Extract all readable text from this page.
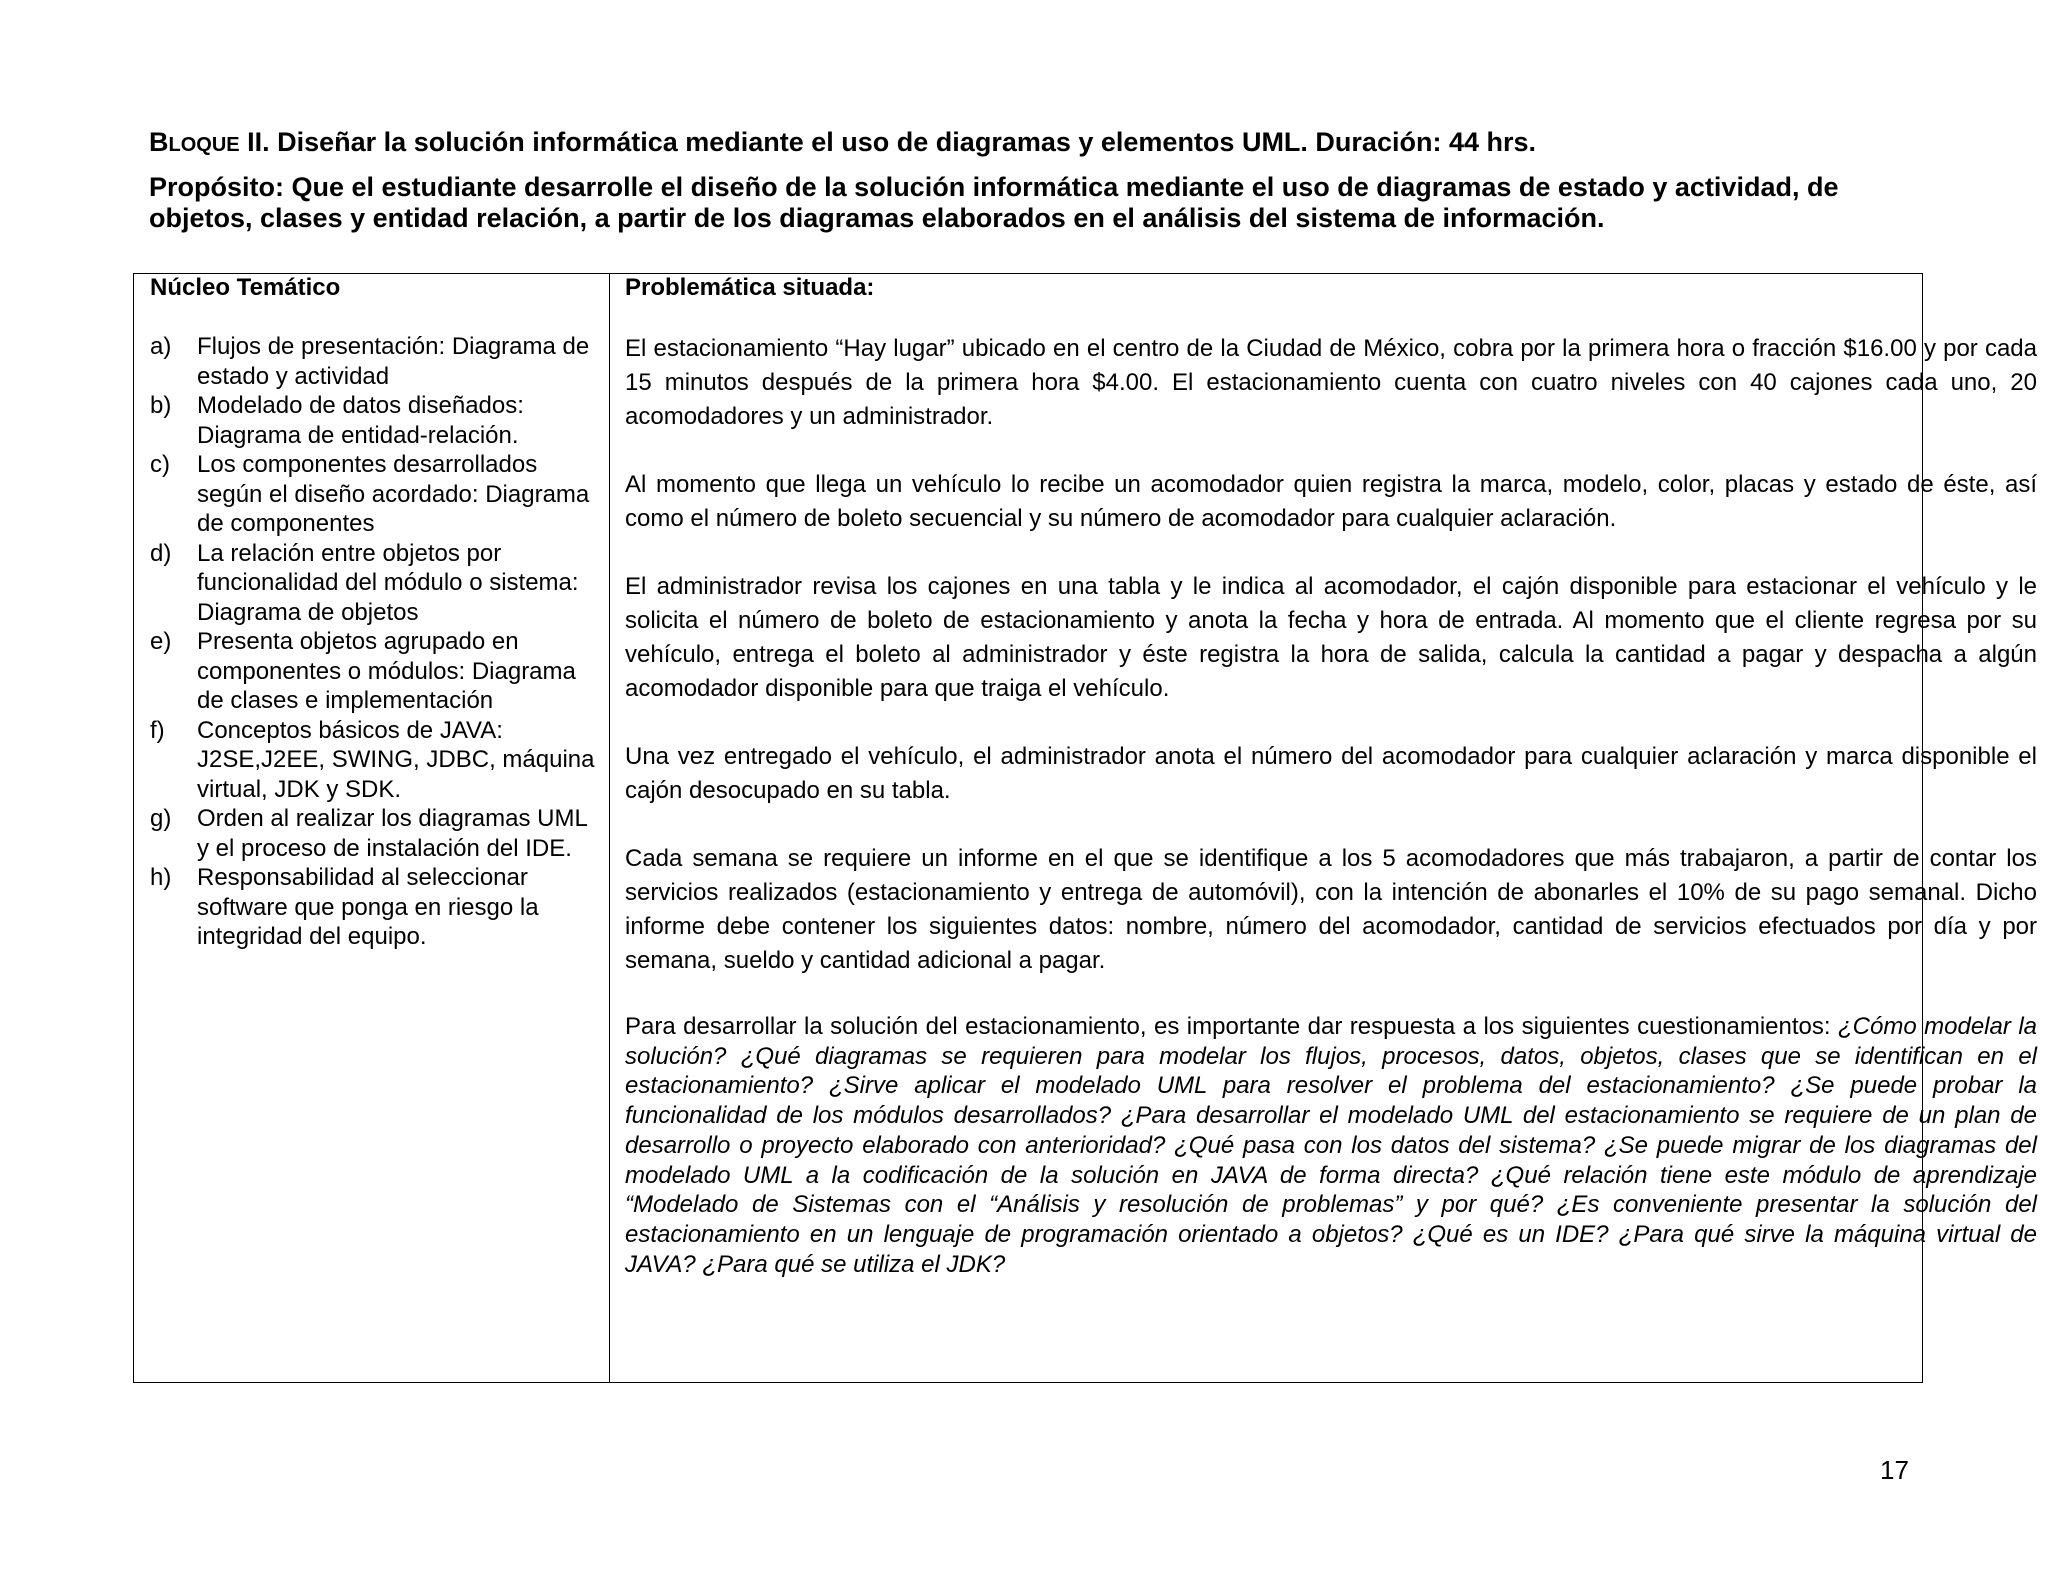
BLOQUE II. Diseñar la solución informática mediante el uso de diagramas y elementos UML. Duración: 44 hrs.
Propósito: Que el estudiante desarrolle el diseño de la solución informática mediante el uso de diagramas de estado y actividad, de objetos, clases y entidad relación, a partir de los diagramas elaborados en el análisis del sistema de información.
Núcleo Temático
a) Flujos de presentación: Diagrama de estado y actividad
b) Modelado de datos diseñados: Diagrama de entidad-relación.
c) Los componentes desarrollados según el diseño acordado: Diagrama de componentes
d) La relación entre objetos por funcionalidad del módulo o sistema: Diagrama de objetos
e) Presenta objetos agrupado en componentes o módulos: Diagrama de clases e implementación
f) Conceptos básicos de JAVA: J2SE,J2EE, SWING, JDBC, máquina virtual, JDK y SDK.
g) Orden al realizar los diagramas UML y el proceso de instalación del IDE.
h) Responsabilidad al seleccionar software que ponga en riesgo la integridad del equipo.
Problemática situada:

El estacionamiento “Hay lugar” ubicado en el centro de la Ciudad de México, cobra por la primera hora o fracción $16.00 y por cada 15 minutos después de la primera hora $4.00. El estacionamiento cuenta con cuatro niveles con 40 cajones cada uno, 20 acomodadores y un administrador.

Al momento que llega un vehículo lo recibe un acomodador quien registra la marca, modelo, color, placas y estado de éste, así como el número de boleto secuencial y su número de acomodador para cualquier aclaración.

El administrador revisa los cajones en una tabla y le indica al acomodador, el cajón disponible para estacionar el vehículo y le solicita el número de boleto de estacionamiento y anota la fecha y hora de entrada. Al momento que el cliente regresa por su vehículo, entrega el boleto al administrador y éste registra la hora de salida, calcula la cantidad a pagar y despacha a algún acomodador disponible para que traiga el vehículo.

Una vez entregado el vehículo, el administrador anota el número del acomodador para cualquier aclaración y marca disponible el cajón desocupado en su tabla.

Cada semana se requiere un informe en el que se identifique a los 5 acomodadores que más trabajaron, a partir de contar los servicios realizados (estacionamiento y entrega de automóvil), con la intención de abonarles el 10% de su pago semanal. Dicho informe debe contener los siguientes datos: nombre, número del acomodador, cantidad de servicios efectuados por día y por semana, sueldo y cantidad adicional a pagar.

Para desarrollar la solución del estacionamiento, es importante dar respuesta a los siguientes cuestionamientos: ¿Cómo modelar la solución? ¿Qué diagramas se requieren para modelar los flujos, procesos, datos, objetos, clases que se identifican en el estacionamiento? ¿Sirve aplicar el modelado UML para resolver el problema del estacionamiento? ¿Se puede probar la funcionalidad de los módulos desarrollados? ¿Para desarrollar el modelado UML del estacionamiento se requiere de un plan de desarrollo o proyecto elaborado con anterioridad? ¿Qué pasa con los datos del sistema? ¿Se puede migrar de los diagramas del modelado UML a la codificación de la solución en JAVA de forma directa? ¿Qué relación tiene este módulo de aprendizaje “Modelado de Sistemas con el “Análisis y resolución de problemas” y por qué? ¿Es conveniente presentar la solución del estacionamiento en un lenguaje de programación orientado a objetos? ¿Qué es un IDE? ¿Para qué sirve la máquina virtual de JAVA? ¿Para qué se utiliza el JDK?

17
